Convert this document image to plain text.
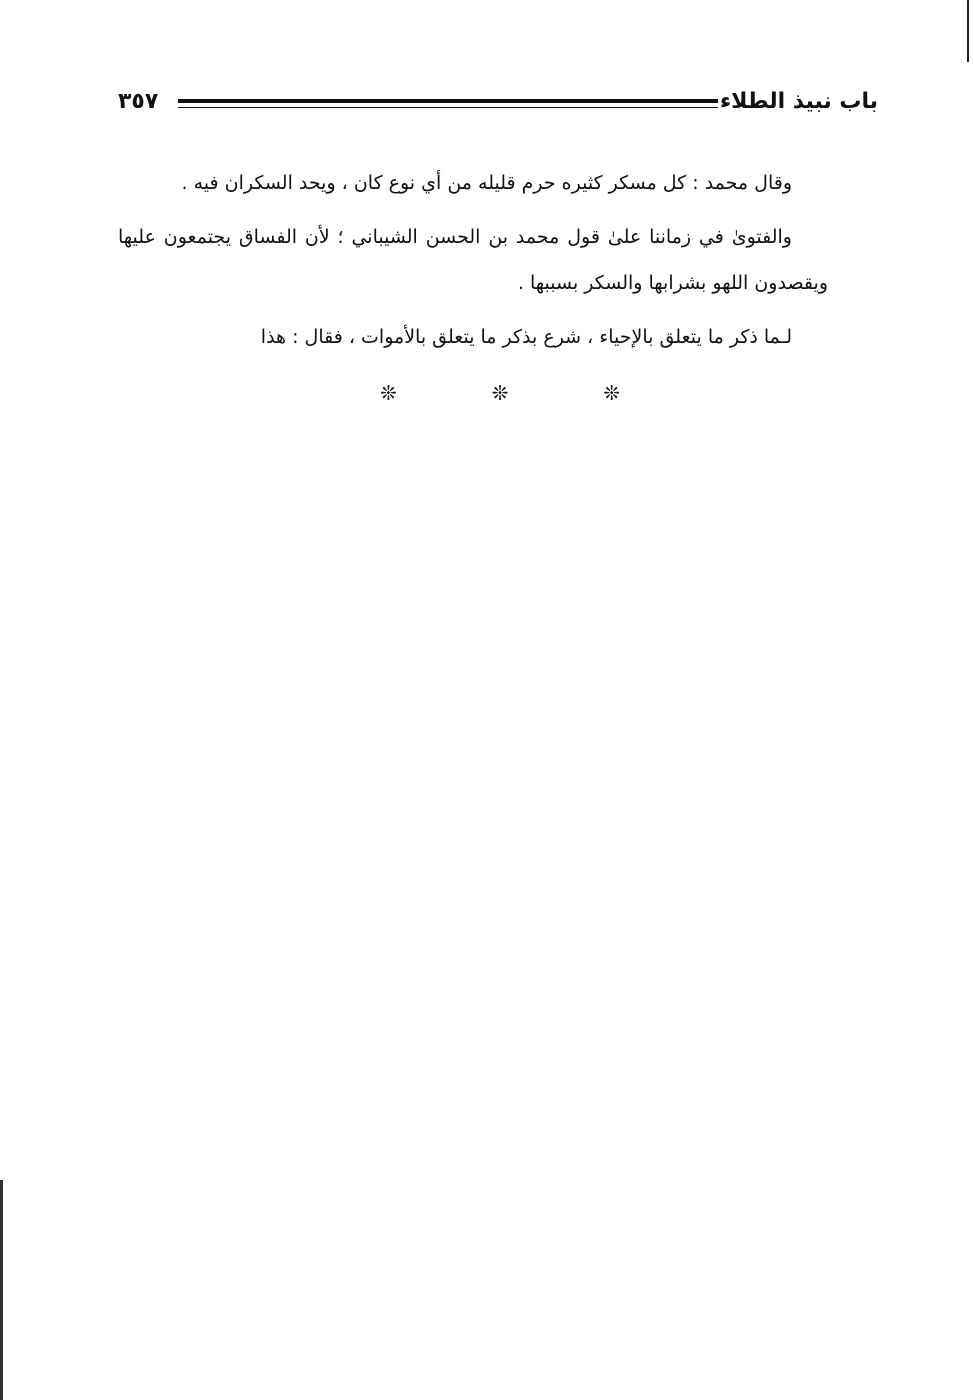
٣٥٧	باب نبيذ الطلاء

وقال محمد : كل مسكر كثيره حرم قليله من أي نوع كان ، ويحد السكران فيه .

والفتوىٰ في زماننا علىٰ قول محمد بن الحسن الشيباني ؛ لأن الفساق يجتمعون عليها ويقصدون اللهو بشرابها والسكر بسببها .

لـما ذكر ما يتعلق بالإحياء ، شرع بذكر ما يتعلق بالأموات ، فقال : هذا

❊	❊	❊
